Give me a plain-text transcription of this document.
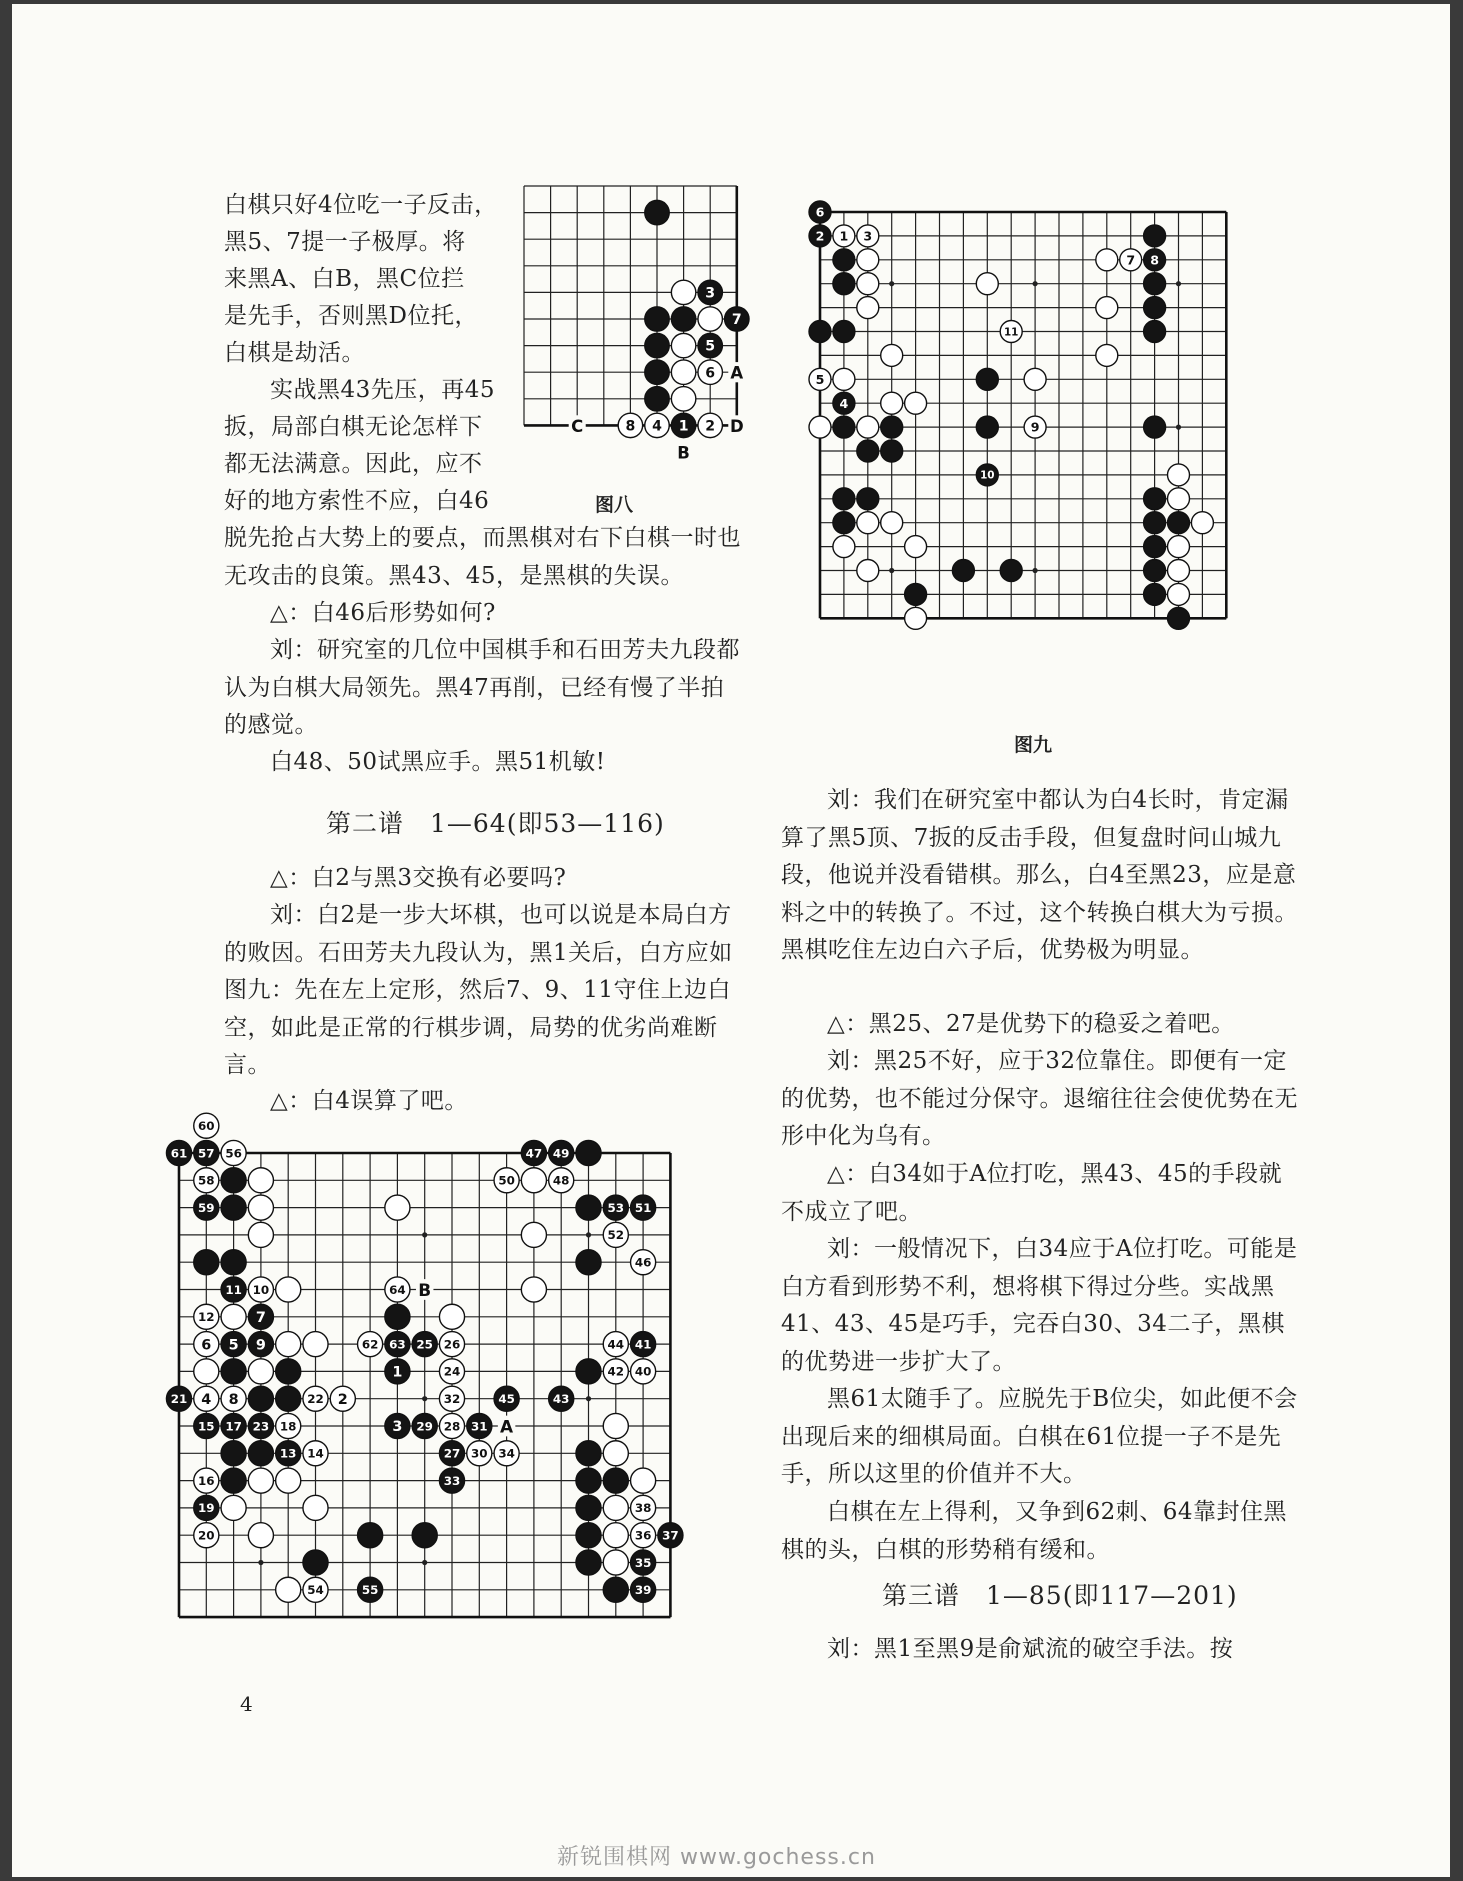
白棋只好4位吃一子反击，
黑5、7提一子极厚。将
来黑A、白B，黑C位拦
是先手，否则黑D位托，
白棋是劫活。
实战黑43先压，再45
扳，局部白棋无论怎样下
都无法满意。因此，应不
好的地方索性不应，白46
3
7
5
6
8 4 1 2
A
B
C	D
图八

脱先抢占大势上的要点，而黑棋对右下白棋一时也无攻击的良策。黑43、45，是黑棋的失误。

△：白46后形势如何?

刘：研究室的几位中国棋手和石田芳夫九段都认为白棋大局领先。黑47再削，已经有慢了半拍的感觉。

白48、50试黑应手。黑51机敏!

第二谱　1—64(即53—116)

△：白2与黑3交换有必要吗?

刘：白2是一步大坏棋，也可以说是本局白方的败因。石田芳夫九段认为，黑1关后，白方应如图九：先在左上定形，然后7、9、11守住上边白空，如此是正常的行棋步调，局势的优劣尚难断言。

△：白4误算了吧。

60
61 57 56
58
59
11 10
12	7
6 5 9
21 4 8	22 2
15 17 23 18
13 14
16
19
20
54	55
64
62 63 25 26
1	24
32	45	43
3 29 28 31
27 30 34
33
47 49
50	48
53 51
52
46
44 41
42 40
38
36 37
35
39
B
A
4
6
2 1 3
5
4
11
9
10
7 8
图九

刘：我们在研究室中都认为白4长时，肯定漏算了黑5顶、7扳的反击手段，但复盘时问山城九段，他说并没看错棋。那么，白4至黑23，应是意料之中的转换了。不过，这个转换白棋大为亏损。黑棋吃住左边白六子后，优势极为明显。

△：黑25、27是优势下的稳妥之着吧。

刘：黑25不好，应于32位靠住。即便有一定的优势，也不能过分保守。退缩往往会使优势在无形中化为乌有。

△：白34如于A位打吃，黑43、45的手段就不成立了吧。

刘：一般情况下，白34应于A位打吃。可能是白方看到形势不利，想将棋下得过分些。实战黑41、43、45是巧手，完吞白30、34二子，黑棋的优势进一步扩大了。

黑61太随手了。应脱先于B位尖，如此便不会出现后来的细棋局面。白棋在61位提一子不是先手，所以这里的价值并不大。

白棋在左上得利，又争到62刺、64靠封住黑棋的头，白棋的形势稍有缓和。

第三谱　1—85(即117—201)

刘：黑1至黑9是俞斌流的破空手法。按

新锐围棋网 www.gochess.cn
